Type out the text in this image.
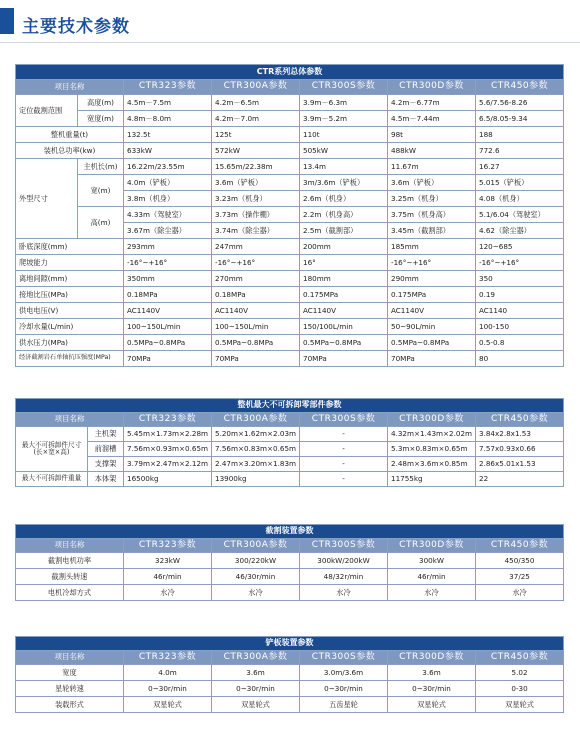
主要技术参数
CTR系列总体参数						
项目名称		CTR323参数	CTR300A参数	CTR300S参数	CTR300D参数	CTR450参数
定位截割范围	高度(m)	4.5m－7.5m	4.2m－6.5m	3.9m－6.3m	4.2m－6.77m	5.6/7.56-8.26
	宽度(m)	4.8m－8.0m	4.2m－7.0m	3.9m－5.2m	4.5m－7.44m	6.5/8.05-9.34
整机重量(t)		132.5t	125t	110t	98t	188
装机总功率(kw)		633kW	572kW	505kW	488kW	772.6
外型尺寸	主机长(m)	16.22m/23.55m	15.65m/22.38m	13.4m	11.67m	16.27
	宽(m)	4.0m（铲板）	3.6m（铲板）	3m/3.6m（铲板）	3.6m（铲板）	5.015（铲板）
		3.8m（机身）	3.23m（机身）	2.6m（机身）	3.25m（机身）	4.08（机身）
	高(m)	4.33m（驾驶室）	3.73m（操作棚）	2.2m（机身高）	3.75m（机身高）	5.1/6.04（驾驶室）
		3.67m（除尘器）	3.74m（除尘器）	2.5m（截割部）	3.45m（截割部）	4.62（除尘器）
卧底深度(mm)		293mm	247mm	200mm	185mm	120~685
爬坡能力		-16°~+16°	-16°~+16°	16°	-16°~+16°	-16°~+16°
离地间隙(mm)		350mm	270mm	180mm	290mm	350
接地比压(MPa)		0.18MPa	0.18MPa	0.175MPa	0.175MPa	0.19
供电电压(V)		AC1140V	AC1140V	AC1140V	AC1140V	AC1140
冷却水量(L/min)		100~150L/min	100~150L/min	150/100L/min	50~90L/min	100-150
供水压力(MPa)		0.5MPa~0.8MPa	0.5MPa~0.8MPa	0.5MPa~0.8MPa	0.5MPa~0.8MPa	0.5-0.8
经济截割岩石单轴抗压强度(MPa)		70MPa	70MPa	70MPa	70MPa	80
整机最大不可拆卸零部件参数						
项目名称		CTR323参数	CTR300A参数	CTR300S参数	CTR300D参数	CTR450参数
最大不可拆卸件尺寸
(长×宽×高)	主机架	5.45m×1.73m×2.28m	5.20m×1.62m×2.03m	-	4.32m×1.43m×2.02m	3.84x2.8x1.53
	前溜槽	7.56m×0.93m×0.65m	7.56m×0.83m×0.65m	-	5.3m×0.83m×0.65m	7.57x0.93x0.66
	支撑架	3.79m×2.47m×2.12m	2.47m×3.20m×1.83m	-	2.48m×3.6m×0.85m	2.86x5.01x1.53
最大不可拆卸件重量	本体架	16500kg	13900kg	-	11755kg	22
截割装置参数					
项目名称	CTR323参数	CTR300A参数	CTR300S参数	CTR300D参数	CTR450参数
截割电机功率	323kW	300/220kW	300kW/200kW	300kW	450/350
截割头转速	46r/min	46/30r/min	48/32r/min	46r/min	37/25
电机冷却方式	水冷	水冷	水冷	水冷	水冷
铲板装置参数					
项目名称	CTR323参数	CTR300A参数	CTR300S参数	CTR300D参数	CTR450参数
宽度	4.0m	3.6m	3.0m/3.6m	3.6m	5.02
星轮转速	0~30r/min	0~30r/min	0~30r/min	0~30r/min	0-30
装载形式	双星轮式	双星轮式	五齿星轮	双星轮式	双星轮式
